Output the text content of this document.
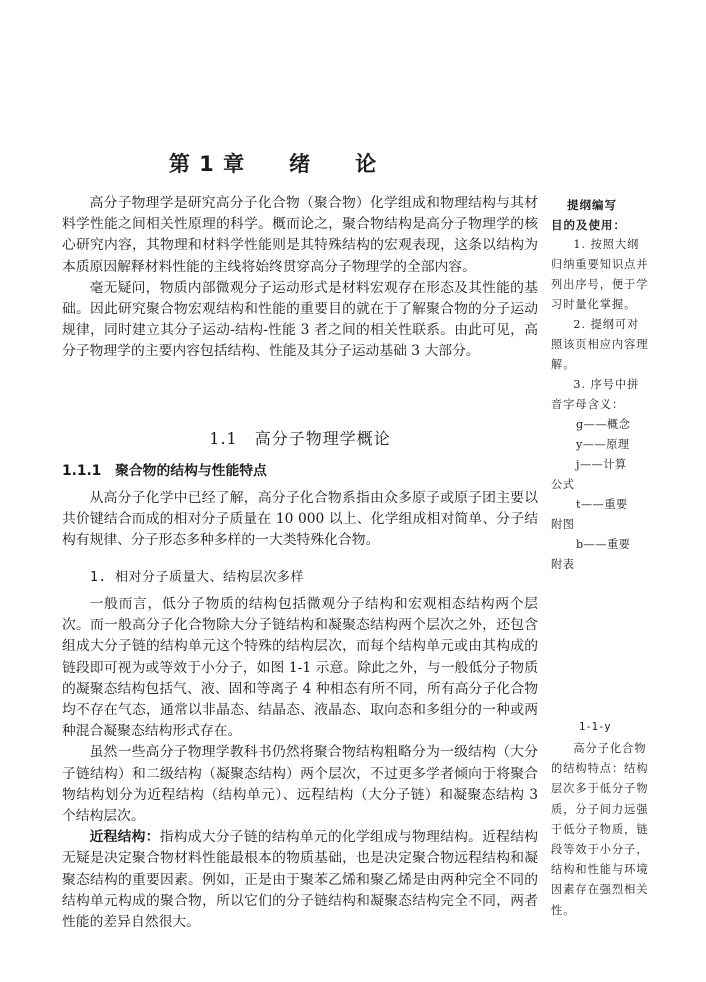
第 1 章 绪 论

高分子物理学是研究高分子化合物（聚合物）化学组成和物理结构与其材料学性能之间相关性原理的科学。概而论之，聚合物结构是高分子物理学的核心研究内容，其物理和材料学性能则是其特殊结构的宏观表现，这条以结构为本质原因解释材料性能的主线将始终贯穿高分子物理学的全部内容。

毫无疑问，物质内部微观分子运动形式是材料宏观存在形态及其性能的基础。因此研究聚合物宏观结构和性能的重要目的就在于了解聚合物的分子运动规律，同时建立其分子运动-结构-性能 3 者之间的相关性联系。由此可见，高分子物理学的主要内容包括结构、性能及其分子运动基础 3 大部分。

1.1　高分子物理学概论
1.1.1　聚合物的结构与性能特点

从高分子化学中已经了解，高分子化合物系指由众多原子或原子团主要以共价键结合而成的相对分子质量在 10 000 以上、化学组成相对简单、分子结构有规律、分子形态多种多样的一大类特殊化合物。

1. 相对分子质量大、结构层次多样

一般而言，低分子物质的结构包括微观分子结构和宏观相态结构两个层次。而一般高分子化合物除大分子链结构和凝聚态结构两个层次之外，还包含组成大分子链的结构单元这个特殊的结构层次，而每个结构单元或由其构成的链段即可视为或等效于小分子，如图 1-1 示意。除此之外，与一般低分子物质的凝聚态结构包括气、液、固和等离子 4 种相态有所不同，所有高分子化合物均不存在气态，通常以非晶态、结晶态、液晶态、取向态和多组分的一种或两种混合凝聚态结构形式存在。

虽然一些高分子物理学教科书仍然将聚合物结构粗略分为一级结构（大分子链结构）和二级结构（凝聚态结构）两个层次，不过更多学者倾向于将聚合物结构划分为近程结构（结构单元）、远程结构（大分子链）和凝聚态结构 3 个结构层次。

近程结构：指构成大分子链的结构单元的化学组成与物理结构。近程结构无疑是决定聚合物材料性能最根本的物质基础，也是决定聚合物远程结构和凝聚态结构的重要因素。例如，正是由于聚苯乙烯和聚乙烯是由两种完全不同的结构单元构成的聚合物，所以它们的分子链结构和凝聚态结构完全不同，两者性能的差异自然很大。

提纲编写
目的及使用：
1. 按照大纲归纳重要知识点并列出序号，便于学习时量化掌握。
2. 提纲可对照该页相应内容理解。
3. 序号中拼音字母含义：
g——概念
y——原理
j——计算
公式
t——重要
附图
b——重要
附表
1-1-y
高分子化合物的结构特点：结构层次多于低分子物质，分子间力远强于低分子物质，链段等效于小分子，结构和性能与环境因素存在强烈相关性。
